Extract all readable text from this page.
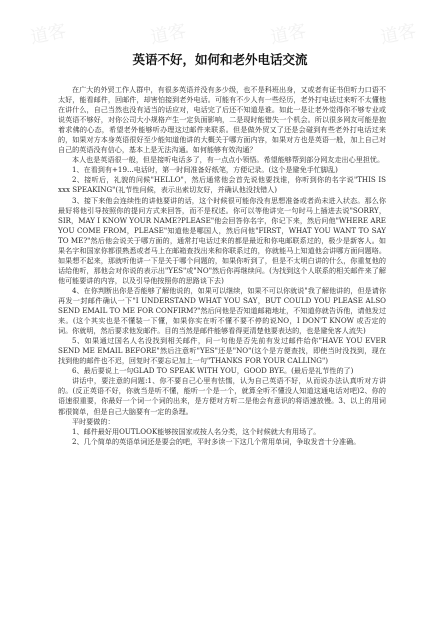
道客	道客	道客	道客
英语不好，如何和老外电话交流

在广大的外贸工作人群中，有很多英语并没有多少级，也不是科班出身，又或者有证书但听力口语不太好，能看邮件，回邮件，却害怕接到老外电话。可能有不少人有一些经历，老外打电话过来听不太懂他在讲什么，自己当然也没有适当的话应对，电话完了后还不知道是谁。如此一是让老外觉得你不够专业或说英语不够好，对你公司大小规格产生一定负面影响，二是现时能错失一个机会。所以很多网友可能是抱着求佛的心态，希望老外能够听办理这过邮件来联系。但是做外贸又了还是会碰到有些老外打电话过来的，如果对方本身英语很好至少能知道他讲的大概关于哪方面内容，如果对方也是英语一般，加上自己对自己的英语没有信心，基本上是无法沟通。如何能够有效沟通？

本人也是英语很一般，但是接听电话多了，有一点点小领悟。希望能够帮到部分网友走出心里担忧。

1、在看到有+19...电话时，第一时间准备好纸笔，方便记录。(这个是避免手忙脚乱)

2、接听后，礼貌的问候"HELLO"，然后通常他会首先说他要找谁，你听到你的名字说"THIS IS xxx SPEAKING"(礼节性问候，表示出索切友好，并确认他没找错人)

3、接下来他会连续性的讲他要讲的话，这个时候很可能你没有思想准备或者尚未进入状态。那么你最好将他引导按照你的提问方式来回答，而不是权述。你可以等他讲完一句时马上插进去说"SORRY，SIR，MAY I KNOW YOUR NAME?PLEASE"他会回答你名字，你记下来，然后问他"WHERE ARE YOU COME FROM，PLEASE"知道他是哪国人，然后问他"FIRST，WHAT YOU WANT TO SAY TO ME?"然后他会说关于哪方面的，通常打电话过来的都是最近和你电邮联系过的，极少是新客人。如果名字和国家你都很熟悉或者马上在邮箱查找出来和你联系过的，你就能马上知道他会讲哪方面问题咯。如果想不起来，那就听他讲一下是关于哪个问题的，如果你听到了，但是不太明白讲的什么，你重复他的话给他听，那他会对你说的表示出"YES"或"NO"然后你再继续问。(为找到这个人联系的相关邮件来了解他可能要讲的内容，以及引导他按照你的思路谈下去)

4、在你判断出你是否能够了解他说的，如果可以继续，如果不可以你就说"我了解他讲的，但是请你再发一封邮件确认一下"I UNDERSTAND WHAT YOU SAY，BUT COULD YOU PLEASE ALSO SEND EMAIL TO ME FOR CONFIRM?"然后问他是否知道邮箱地址，不知道你就告诉他，请他发过来。(这个其实也是不懂装一下懂，如果你实在听不懂不要不停的说NO，I DON'T KNOW 或否定的词。你就明，然后要求他发邮件。目的当然是邮件能够看得更清楚他要表达的，也是避免客人流失)

5、如果通过国名人名没找到相关邮件，问一句他是否先前有发过邮件给你"HAVE YOU EVER SEND ME EMAIL BEFORE"然后注意听"YES"还是"NO"(这个是方便查找，即使当时没找到，现在找到他的邮件也不迟，回复时不要忘记加上一句"THANKS FOR YOUR CALLING")

6、最后要说上一句GLAD TO SPEAK WITH YOU，GOOD BYE。(最后是礼节性的了)

讲话中，要注意的问题:1、你不要自己心里有怯懦，认为自己英语不好，从而说办法认真听对方讲的。(反正英语不好，你就当是听不懂，能听一个是一个，就算全听不懂没人知道这通电话对吧)2、你的语速很重要，你最好一个词一个词的出来，是方便对方听二是他会有意识的将语速放慢。3、以上的用词都很简单，但是自己大脑要有一定的条理。

平时要做的：

1、邮件最好用OUTLOOK能够按国家或按人名分类，这个时候就大有用场了。

2、几个简单的英语单词还是要会的吧，平时多读一下这几个常用单词，争取发音十分准确。
